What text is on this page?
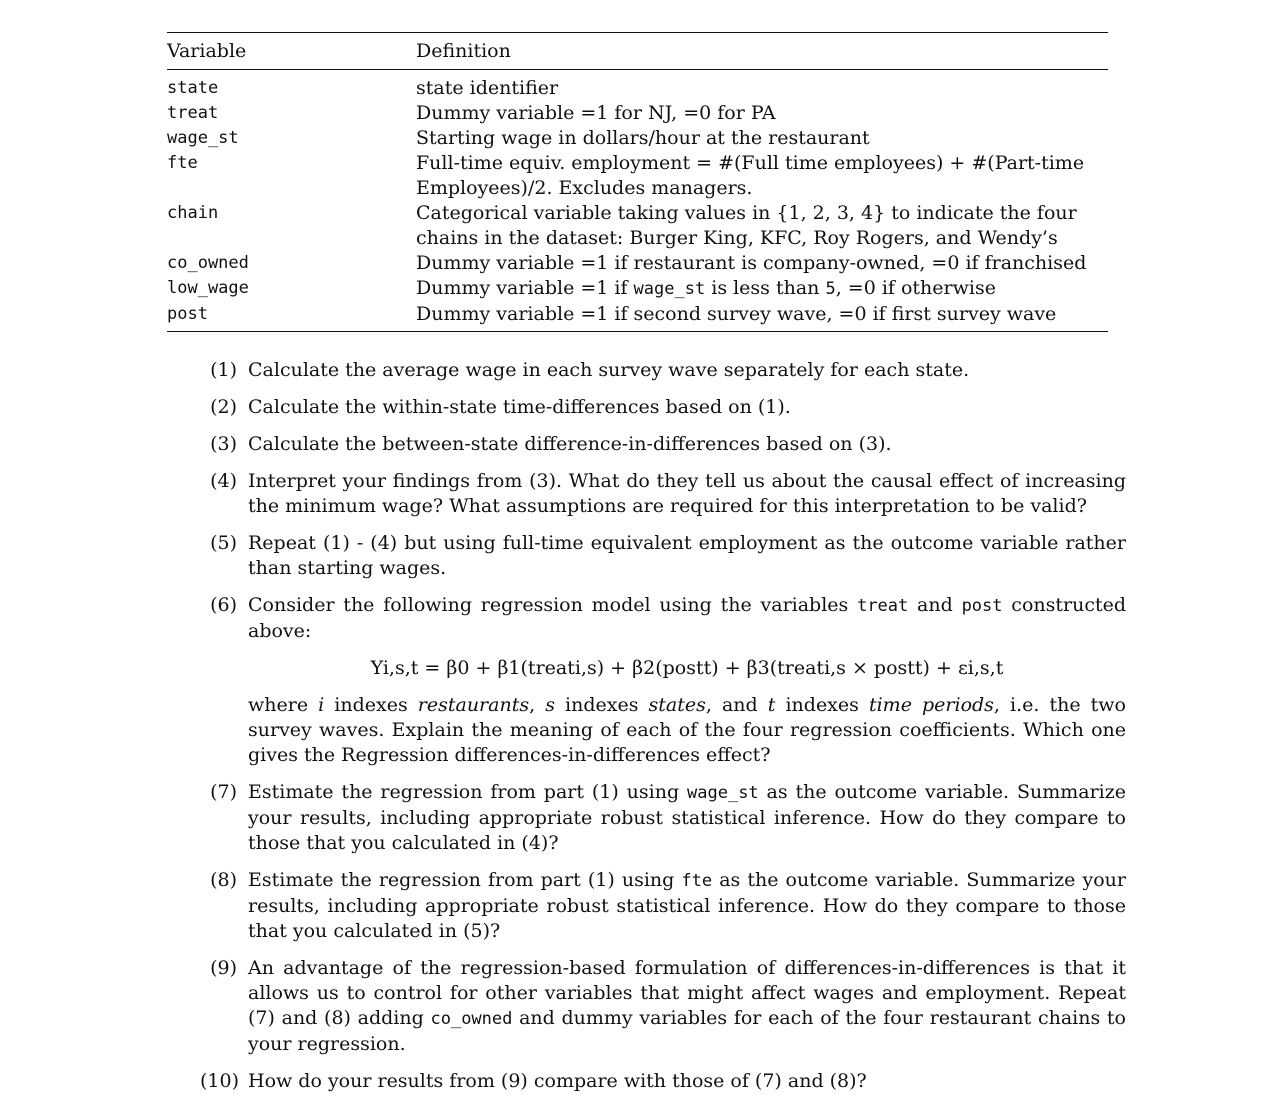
Variable	Definition
state	state identifier
treat	Dummy variable =1 for NJ, =0 for PA
wage_st	Starting wage in dollars/hour at the restaurant
fte	Full-time equiv. employment = #(Full time employees) + #(Part-time Employees)/2. Excludes managers.
chain	Categorical variable taking values in {1, 2, 3, 4} to indicate the four chains in the dataset: Burger King, KFC, Roy Rogers, and Wendy’s
co_owned	Dummy variable =1 if restaurant is company-owned, =0 if franchised
low_wage	Dummy variable =1 if wage_st is less than 5, =0 if otherwise
post	Dummy variable =1 if second survey wave, =0 if first survey wave
(1) Calculate the average wage in each survey wave separately for each state.
(2) Calculate the within-state time-differences based on (1).
(3) Calculate the between-state difference-in-differences based on (3).
(4) Interpret your findings from (3). What do they tell us about the causal effect of increasing the minimum wage? What assumptions are required for this interpretation to be valid?
(5) Repeat (1) - (4) but using full-time equivalent employment as the outcome variable rather than starting wages.
(6) Consider the following regression model using the variables treat and post constructed above:
Yi,s,t = β0 + β1(treati,s) + β2(postt) + β3(treati,s × postt) + εi,s,t
where i indexes restaurants, s indexes states, and t indexes time periods, i.e. the two survey waves. Explain the meaning of each of the four regression coefficients. Which one gives the Regression differences-in-differences effect?
(7) Estimate the regression from part (1) using wage_st as the outcome variable. Summarize your results, including appropriate robust statistical inference. How do they compare to those that you calculated in (4)?
(8) Estimate the regression from part (1) using fte as the outcome variable. Summarize your results, including appropriate robust statistical inference. How do they compare to those that you calculated in (5)?
(9) An advantage of the regression-based formulation of differences-in-differences is that it allows us to control for other variables that might affect wages and employment. Repeat (7) and (8) adding co_owned and dummy variables for each of the four restaurant chains to your regression.
(10) How do your results from (9) compare with those of (7) and (8)?
